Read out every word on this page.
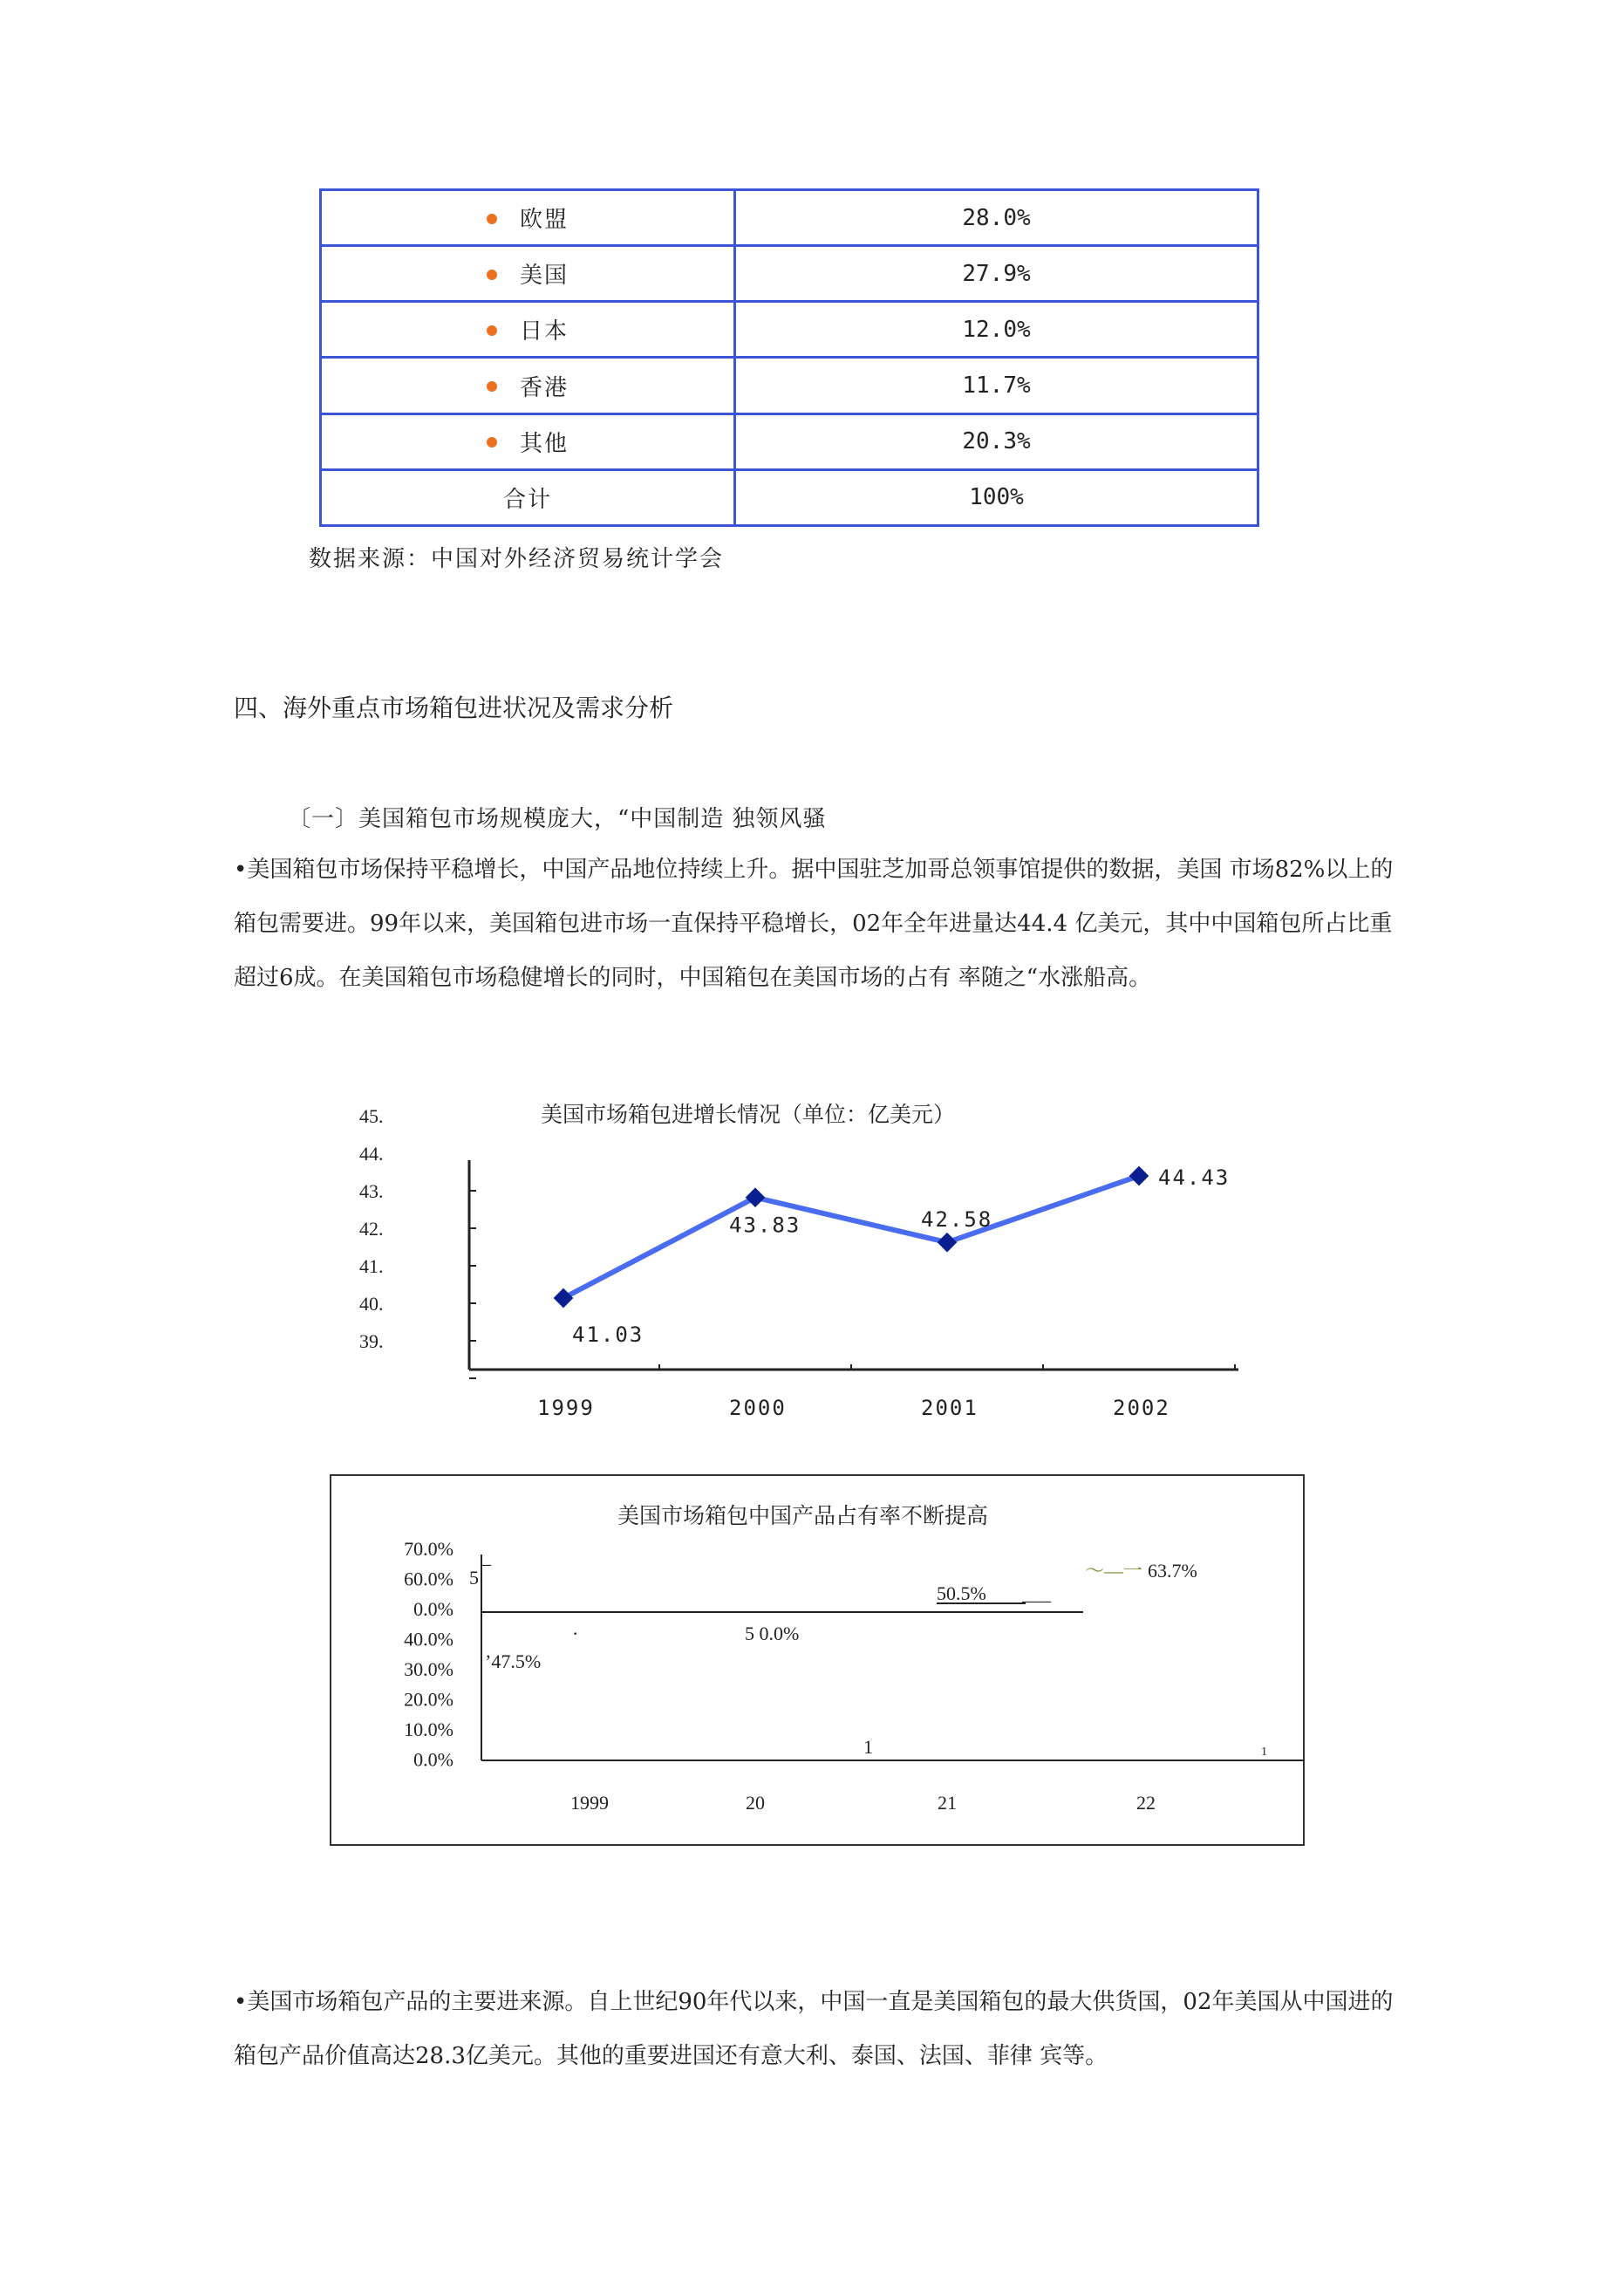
欧盟	28.0%
美国	27.9%
日本	12.0%
香港	11.7%
其他	20.3%
合计	100%
数据来源：中国对外经济贸易统计学会
四、海外重点市场箱包进状况及需求分析
〔一〕美国箱包市场规模庞大，“中国制造 独领风骚
•美国箱包市场保持平稳增长，中国产品地位持续上升。据中国驻芝加哥总领事馆提供的数据，美国 市场82%以上的箱包需要进。99年以来，美国箱包进市场一直保持平稳增长，02年全年进量达44.4 亿美元，其中中国箱包所占比重超过6成。在美国箱包市场稳健增长的同时，中国箱包在美国市场的占有 率随之“水涨船高。
美国市场箱包进增长情况（单位：亿美元）
45.
44.
43.
42.
41.
40.
39.
1999	2000	2001	2002
41.03
43.83	42.58
44.43
美国市场箱包中国产品占有率不断提高
70.0%
60.0%
0.0%
40.0%
30.0%
20.0%
10.0%
0.0%
1999	20	21	22
5
_
·
1	1
’47.5%
5 0.0%
50.5% ___
〜—一 63.7%
•美国市场箱包产品的主要进来源。自上世纪90年代以来，中国一直是美国箱包的最大供货国，02年美国从中国进的箱包产品价值高达28.3亿美元。其他的重要进国还有意大利、泰国、法国、菲律 宾等。
